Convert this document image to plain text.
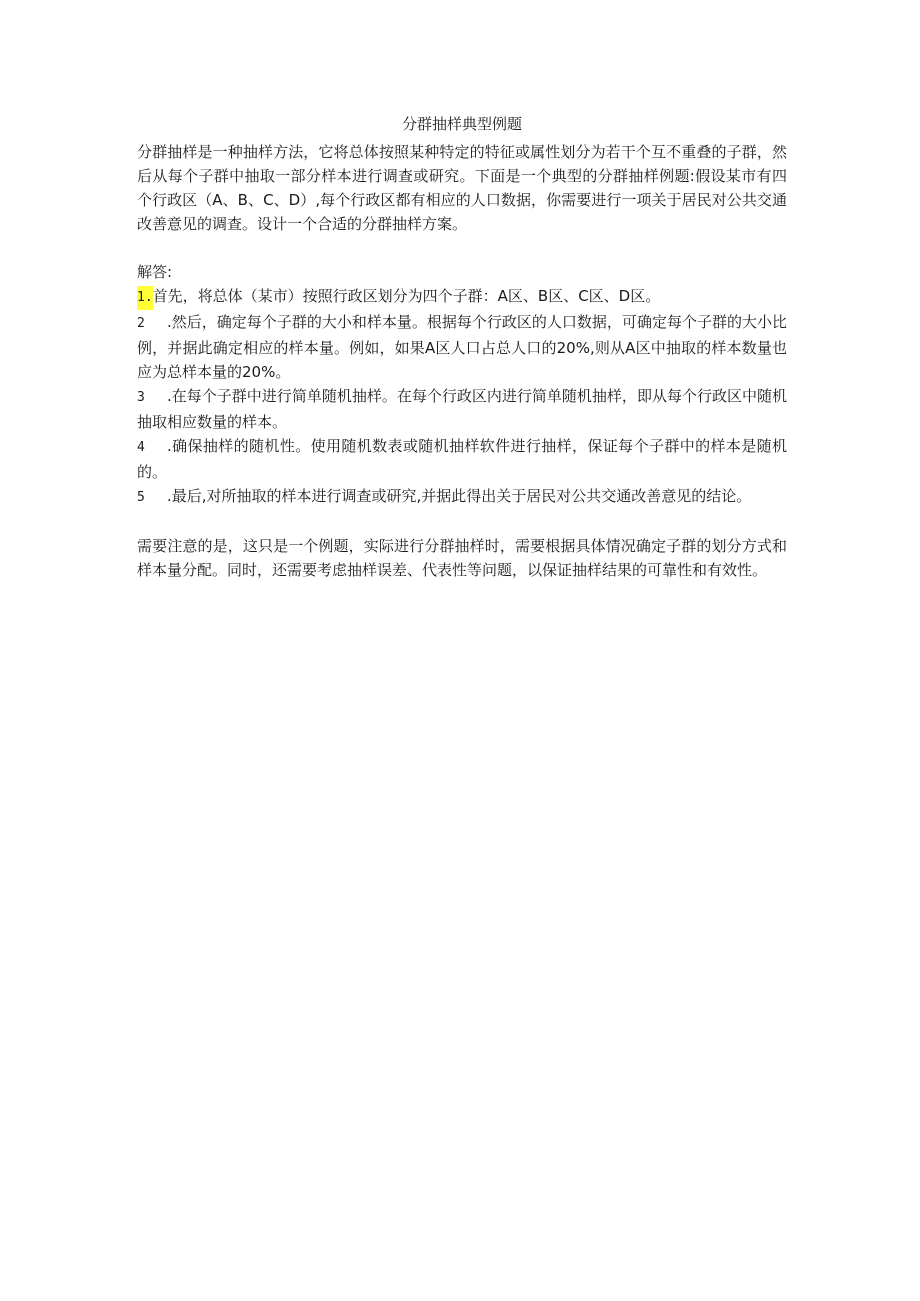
分群抽样典型例题

分群抽样是一种抽样方法，它将总体按照某种特定的特征或属性划分为若干个互不重叠的子群，然后从每个子群中抽取一部分样本进行调查或研究。下面是一个典型的分群抽样例题:假设某市有四个行政区（A、B、C、D）,每个行政区都有相应的人口数据，你需要进行一项关于居民对公共交通改善意见的调查。设计一个合适的分群抽样方案。

解答:

1.首先，将总体（某市）按照行政区划分为四个子群：A区、B区、C区、D区。

2 .然后，确定每个子群的大小和样本量。根据每个行政区的人口数据，可确定每个子群的大小比例，并据此确定相应的样本量。例如，如果A区人口占总人口的20%,则从A区中抽取的样本数量也应为总样本量的20%。

3 .在每个子群中进行简单随机抽样。在每个行政区内进行简单随机抽样，即从每个行政区中随机抽取相应数量的样本。

4 .确保抽样的随机性。使用随机数表或随机抽样软件进行抽样，保证每个子群中的样本是随机的。

5 .最后,对所抽取的样本进行调查或研究,并据此得出关于居民对公共交通改善意见的结论。

需要注意的是，这只是一个例题，实际进行分群抽样时，需要根据具体情况确定子群的划分方式和样本量分配。同时，还需要考虑抽样误差、代表性等问题，以保证抽样结果的可靠性和有效性。
